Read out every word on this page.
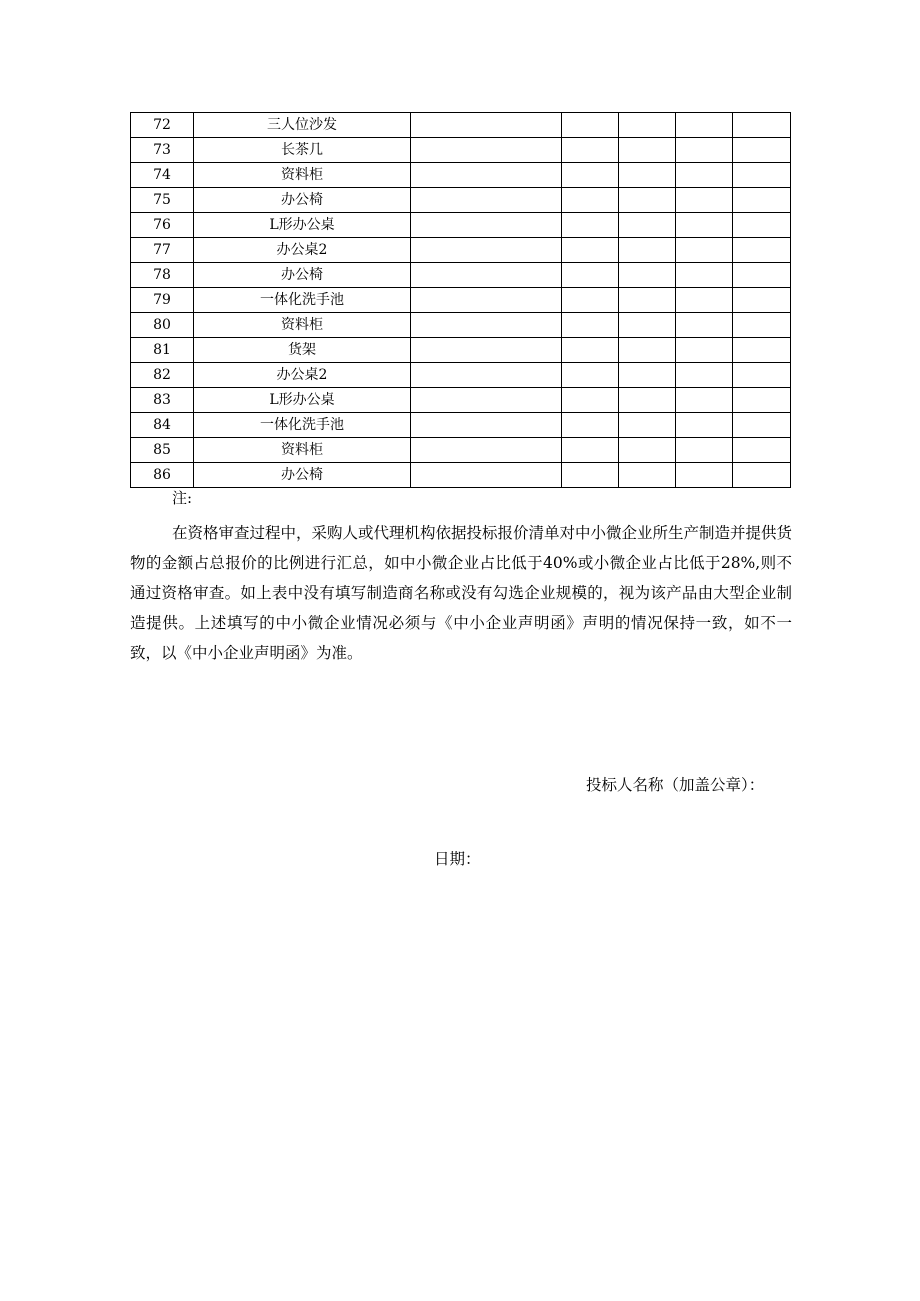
72	三人位沙发					
73	长茶几					
74	资料柜					
75	办公椅					
76	L形办公桌					
77	办公桌2					
78	办公椅					
79	一体化洗手池					
80	资料柜					
81	货架					
82	办公桌2					
83	L形办公桌					
84	一体化洗手池					
85	资料柜					
86	办公椅					
注:

在资格审查过程中，采购人或代理机构依据投标报价清单对中小微企业所生产制造并提供货物的金额占总报价的比例进行汇总，如中小微企业占比低于40%或小微企业占比低于28%,则不通过资格审查。如上表中没有填写制造商名称或没有勾选企业规模的，视为该产品由大型企业制造提供。上述填写的中小微企业情况必须与《中小企业声明函》声明的情况保持一致，如不一致，以《中小企业声明函》为准。

投标人名称（加盖公章）：
日期：
